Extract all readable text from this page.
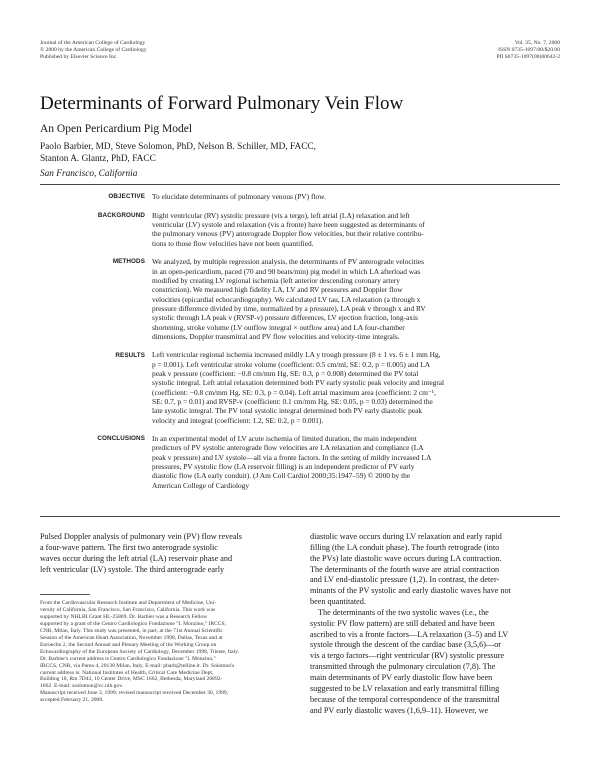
Journal of the American College of Cardiology
© 2000 by the American College of Cardiology
Published by Elsevier Science Inc.
Vol. 35, No. 7, 2000
ISSN 0735-1097/00/$20.00
PII S0735-1097(00)00642-2
Determinants of Forward Pulmonary Vein Flow
An Open Pericardium Pig Model
Paolo Barbier, MD, Steve Solomon, PhD, Nelson B. Schiller, MD, FACC,
Stanton A. Glantz, PhD, FACC
San Francisco, California
OBJECTIVE To elucidate determinants of pulmonary venous (PV) flow.
BACKGROUND Right ventricular (RV) systolic pressure (vis a tergo), left atrial (LA) relaxation and left
ventricular (LV) systole and relaxation (vis a fronte) have been suggested as determinants of
the pulmonary venous (PV) anterograde Doppler flow velocities, but their relative contribu-
tions to those flow velocities have not been quantified.
METHODS We analyzed, by multiple regression analysis, the determinants of PV anterograde velocities
in an open-pericardium, paced (70 and 90 beats/min) pig model in which LA afterload was
modified by creating LV regional ischemia (left anterior descending coronary artery
constriction). We measured high fidelity LA, LV and RV pressures and Doppler flow
velocities (epicardial echocardiography). We calculated LV tau, LA relaxation (a through x
pressure difference divided by time, normalized by a pressure), LA peak v through x and RV
systolic through LA peak v (RVSP-v) pressure differences, LV ejection fraction, long-axis
shortening, stroke volume (LV outflow integral × outflow area) and LA four-chamber
dimensions, Doppler transmitral and PV flow velocities and velocity-time integrals.
RESULTS Left ventricular regional ischemia increased mildly LA y trough pressure (8 ± 1 vs. 6 ± 1 mm Hg,
p = 0.001). Left ventricular stroke volume (coefficient: 0.5 cm/ml, SE: 0.2, p = 0.005) and LA
peak v pressure (coefficient: −0.8 cm/mm Hg, SE: 0.3, p = 0.008) determined the PV total
systolic integral. Left atrial relaxation determined both PV early systolic peak velocity and integral
(coefficient: −0.8 cm/mm Hg, SE: 0.3, p = 0.04). Left atrial maximum area (coefficient: 2 cm⁻¹,
SE: 0.7, p = 0.01) and RVSP-v (coefficient: 0.1 cm/mm Hg, SE: 0.05, p = 0.03) determined the
late systolic integral. The PV total systolic integral determined both PV early diastolic peak
velocity and integral (coefficient: 1.2, SE: 0.2, p = 0.001).
CONCLUSIONS In an experimental model of LV acute ischemia of limited duration, the main independent
predictors of PV systolic anterograde flow velocities are LA relaxation and compliance (LA
peak v pressure) and LV systole—all via a fronte factors. In the setting of mildly increased LA
pressures, PV systolic flow (LA reservoir filling) is an independent predictor of PV early
diastolic flow (LA early conduit). (J Am Coll Cardiol 2000;35:1947–59) © 2000 by the
American College of Cardiology
Pulsed Doppler analysis of pulmonary vein (PV) flow reveals
a four-wave pattern. The first two anterograde systolic
waves occur during the left atrial (LA) reservoir phase and
left ventricular (LV) systole. The third anterograde early
From the Cardiovascular Research Institute and Department of Medicine, Uni-
versity of California, San Francisco, San Francisco, California. This work was
supported by NHLBI Grant HL-25869. Dr. Barbier was a Research Fellow
supported by a grant of the Centro Cardiologico Fondazione "I. Monzino," IRCCS,
CNR, Milan, Italy. This study was presented, in part, at the 71st Annual Scientific
Session of the American Heart Association, November 1998, Dallas, Texas and at
Euroecho 2, the Second Annual and Plenary Meeting of the Working Group on
Echocardiography of the European Society of Cardiology, December 1998, Trieste, Italy.
Dr. Barbier's current address is Centro Cardiologico Fondazione "I. Monzino,"
IRCCS, CNR, via Parea 4, 20138 Milan, Italy. E-mail: pbarb@telline.it. Dr. Solomon's
current address is: National Institutes of Health, Critical Care Medicine Dept,
Building 10, Rm 7D43, 10 Center Drive, MSC 1662, Bethesda, Maryland 20892-
1662. E-mail: ssolomon@cc.nih.gov.
Manuscript received June 3, 1999; revised manuscript received December 30, 1999,
accepted February 21, 2000.
diastolic wave occurs during LV relaxation and early rapid
filling (the LA conduit phase). The fourth retrograde (into
the PVs) late diastolic wave occurs during LA contraction.
The determinants of the fourth wave are atrial contraction
and LV end-diastolic pressure (1,2). In contrast, the deter-
minants of the PV systolic and early diastolic waves have not
been quantitated.
The determinants of the two systolic waves (i.e., the
systolic PV flow pattern) are still debated and have been
ascribed to vis a fronte factors—LA relaxation (3–5) and LV
systole through the descent of the cardiac base (3,5,6)—or
vis a tergo factors—right ventricular (RV) systolic pressure
transmitted through the pulmonary circulation (7,8). The
main determinants of PV early diastolic flow have been
suggested to be LV relaxation and early transmitral filling
because of the temporal correspondence of the transmitral
and PV early diastolic waves (1,6,9–11). However, we
